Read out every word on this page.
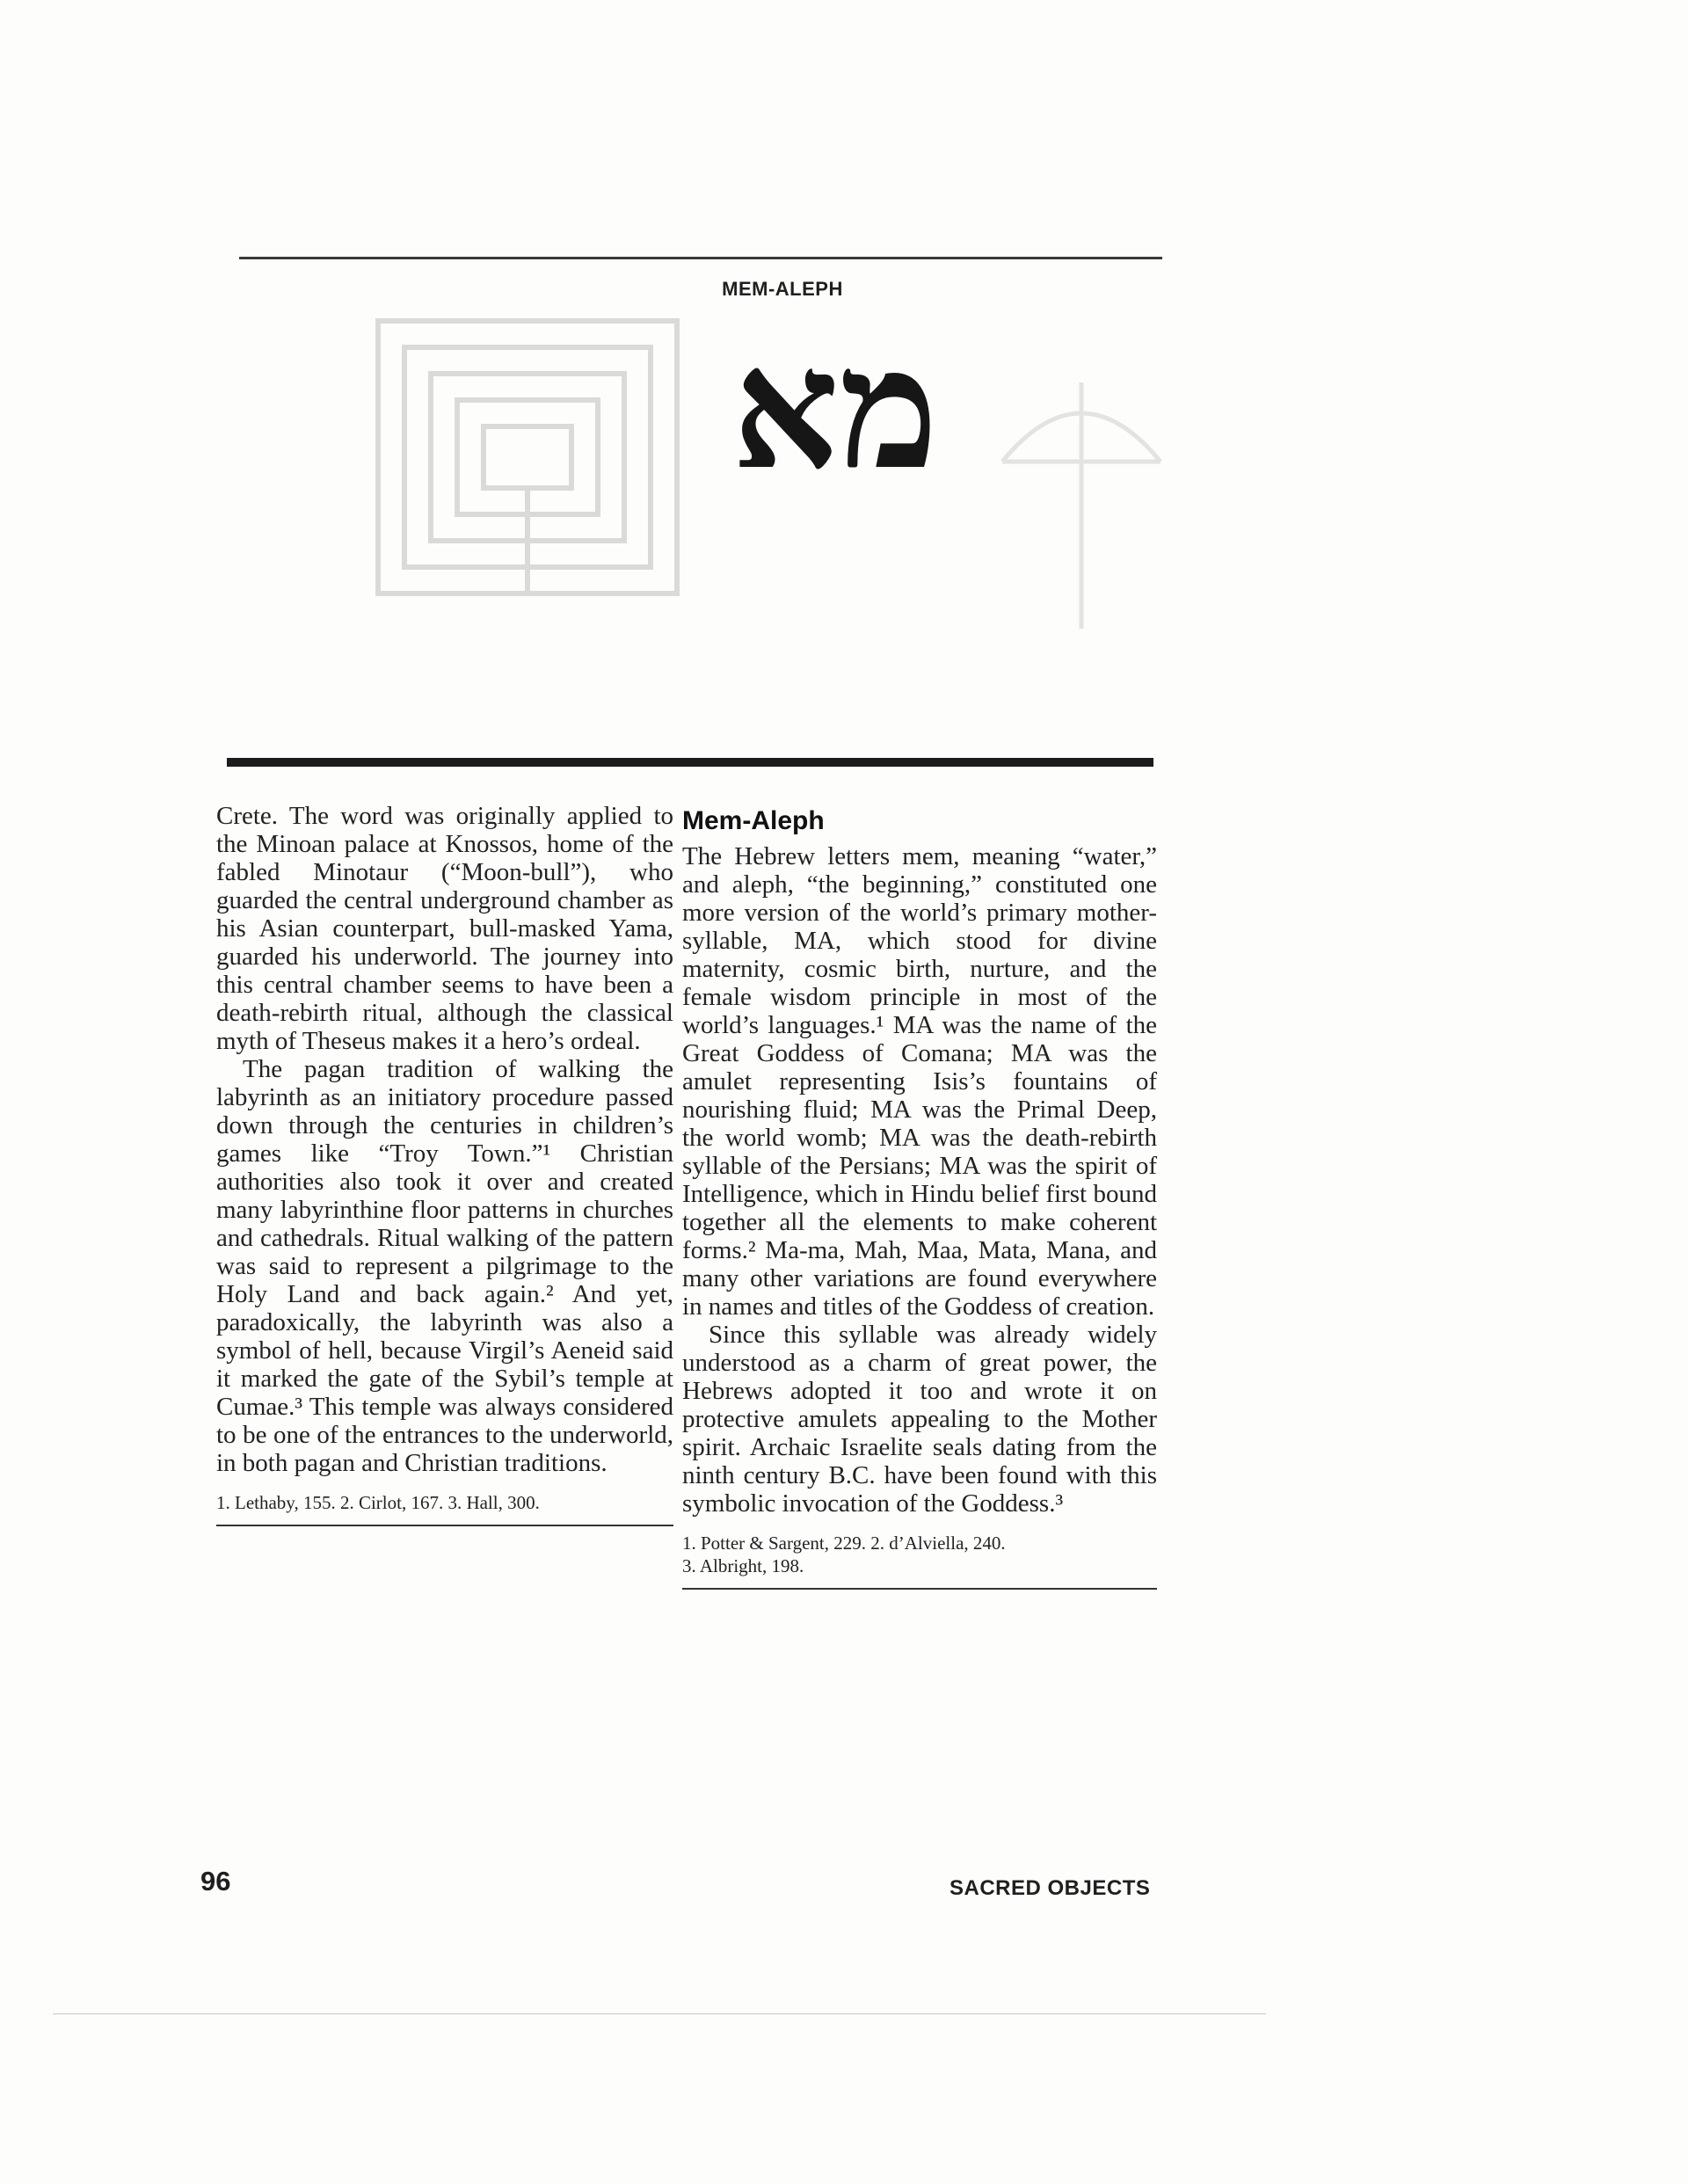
MEM-ALEPH
מא

Crete. The word was originally applied to the Minoan palace at Knossos, home of the fabled Minotaur (“Moon-bull”), who guarded the central underground chamber as his Asian counterpart, bull-masked Yama, guarded his underworld. The journey into this central chamber seems to have been a death-rebirth ritual, although the classical myth of Theseus makes it a hero’s ordeal.

The pagan tradition of walking the labyrinth as an initiatory procedure passed down through the centuries in children’s games like “Troy Town.”¹ Christian authorities also took it over and created many labyrinthine floor patterns in churches and cathedrals. Ritual walking of the pattern was said to represent a pilgrimage to the Holy Land and back again.² And yet, paradoxically, the labyrinth was also a symbol of hell, because Virgil’s Aeneid said it marked the gate of the Sybil’s temple at Cumae.³ This temple was always considered to be one of the entrances to the underworld, in both pagan and Christian traditions.

1. Lethaby, 155. 2. Cirlot, 167. 3. Hall, 300.
Mem-Aleph

The Hebrew letters mem, meaning “water,” and aleph, “the beginning,” constituted one more version of the world’s primary mother-syllable, MA, which stood for divine maternity, cosmic birth, nurture, and the female wisdom principle in most of the world’s languages.¹ MA was the name of the Great Goddess of Comana; MA was the amulet representing Isis’s fountains of nourishing fluid; MA was the Primal Deep, the world womb; MA was the death-rebirth syllable of the Persians; MA was the spirit of Intelligence, which in Hindu belief first bound together all the elements to make coherent forms.² Ma-ma, Mah, Maa, Mata, Mana, and many other variations are found everywhere in names and titles of the Goddess of creation.

Since this syllable was already widely understood as a charm of great power, the Hebrews adopted it too and wrote it on protective amulets appealing to the Mother spirit. Archaic Israelite seals dating from the ninth century B.C. have been found with this symbolic invocation of the Goddess.³

1. Potter & Sargent, 229. 2. d’Alviella, 240.
3. Albright, 198.
96	SACRED OBJECTS
